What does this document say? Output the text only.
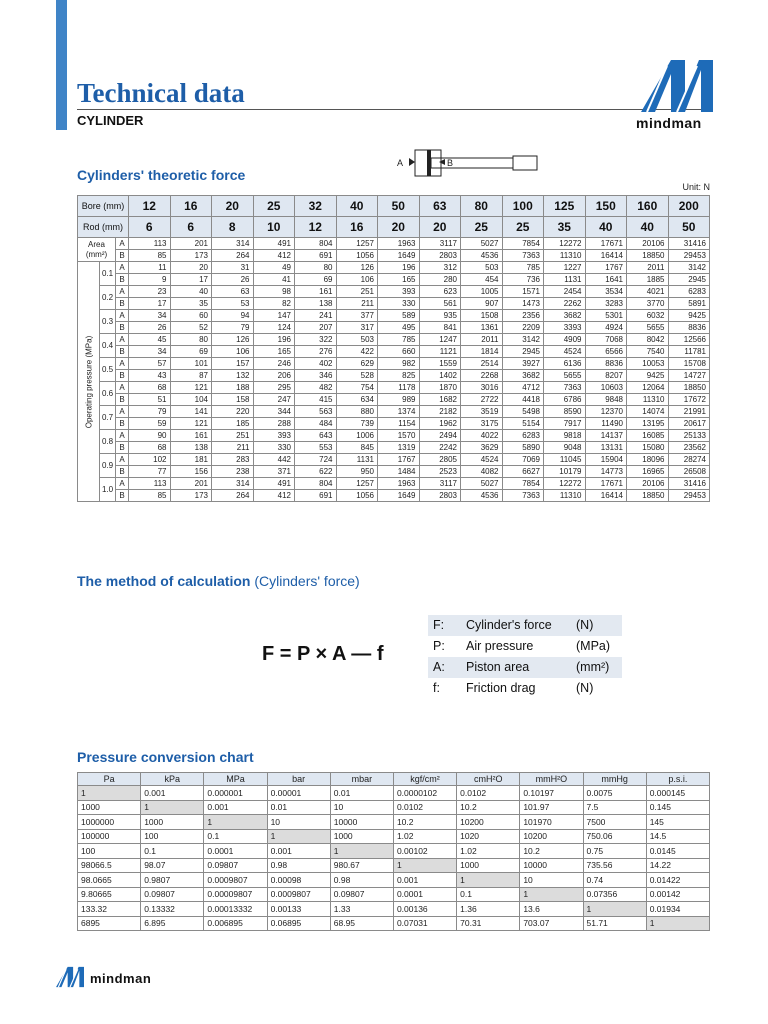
Technical data
CYLINDER	mindman
Cylinders' theoretic force
A	B
Unit: N
Bore (mm)			12	16	20	25	32	40	50	63	80	100	125	150	160	200
Rod (mm)			6	6	8	10	12	16	20	20	25	25	35	40	40	50

Area
(mm²)		A	113	201	314	491	804	1257	1963	3117	5027	7854	12272	17671	20106	31416
		B	85	173	264	412	691	1056	1649	2803	4536	7363	11310	16414	18850	29453

Operating pressure (MPa)	0.1	A	11	20	31	49	80	126	196	312	503	785	1227	1767	2011	3142
		B	9	17	26	41	69	106	165	280	454	736	1131	1641	1885	2945
	0.2	A	23	40	63	98	161	251	393	623	1005	1571	2454	3534	4021	6283
		B	17	35	53	82	138	211	330	561	907	1473	2262	3283	3770	5891
	0.3	A	34	60	94	147	241	377	589	935	1508	2356	3682	5301	6032	9425
		B	26	52	79	124	207	317	495	841	1361	2209	3393	4924	5655	8836
	0.4	A	45	80	126	196	322	503	785	1247	2011	3142	4909	7068	8042	12566
		B	34	69	106	165	276	422	660	1121	1814	2945	4524	6566	7540	11781
	0.5	A	57	101	157	246	402	629	982	1559	2514	3927	6136	8836	10053	15708
		B	43	87	132	206	346	528	825	1402	2268	3682	5655	8207	9425	14727
	0.6	A	68	121	188	295	482	754	1178	1870	3016	4712	7363	10603	12064	18850
		B	51	104	158	247	415	634	989	1682	2722	4418	6786	9848	11310	17672
	0.7	A	79	141	220	344	563	880	1374	2182	3519	5498	8590	12370	14074	21991
		B	59	121	185	288	484	739	1154	1962	3175	5154	7917	11490	13195	20617
	0.8	A	90	161	251	393	643	1006	1570	2494	4022	6283	9818	14137	16085	25133
		B	68	138	211	330	553	845	1319	2242	3629	5890	9048	13131	15080	23562
	0.9	A	102	181	283	442	724	1131	1767	2805	4524	7069	11045	15904	18096	28274
		B	77	156	238	371	622	950	1484	2523	4082	6627	10179	14773	16965	26508
	1.0	A	113	201	314	491	804	1257	1963	3117	5027	7854	12272	17671	20106	31416
		B	85	173	264	412	691	1056	1649	2803	4536	7363	11310	16414	18850	29453
The method of calculation (Cylinders' force)
F = P × A — f
F:	Cylinder's force	(N)
P:	Air pressure	(MPa)
A:	Piston area	(mm²)
f:	Friction drag	(N)
Pressure conversion chart
Pa	kPa	MPa	bar	mbar	kgf/cm²	cmH²O	mmH²O	mmHg	p.s.i.
1	0.001	0.000001	0.00001	0.01	0.0000102	0.0102	0.10197	0.0075	0.000145
1000	1	0.001	0.01	10	0.0102	10.2	101.97	7.5	0.145
1000000	1000	1	10	10000	10.2	10200	101970	7500	145
100000	100	0.1	1	1000	1.02	1020	10200	750.06	14.5
100	0.1	0.0001	0.001	1	0.00102	1.02	10.2	0.75	0.0145
98066.5	98.07	0.09807	0.98	980.67	1	1000	10000	735.56	14.22
98.0665	0.9807	0.0009807	0.00098	0.98	0.001	1	10	0.74	0.01422
9.80665	0.09807	0.00009807	0.0009807	0.09807	0.0001	0.1	1	0.07356	0.00142
133.32	0.13332	0.00013332	0.00133	1.33	0.00136	1.36	13.6	1	0.01934
6895	6.895	0.006895	0.06895	68.95	0.07031	70.31	703.07	51.71	1
mindman
